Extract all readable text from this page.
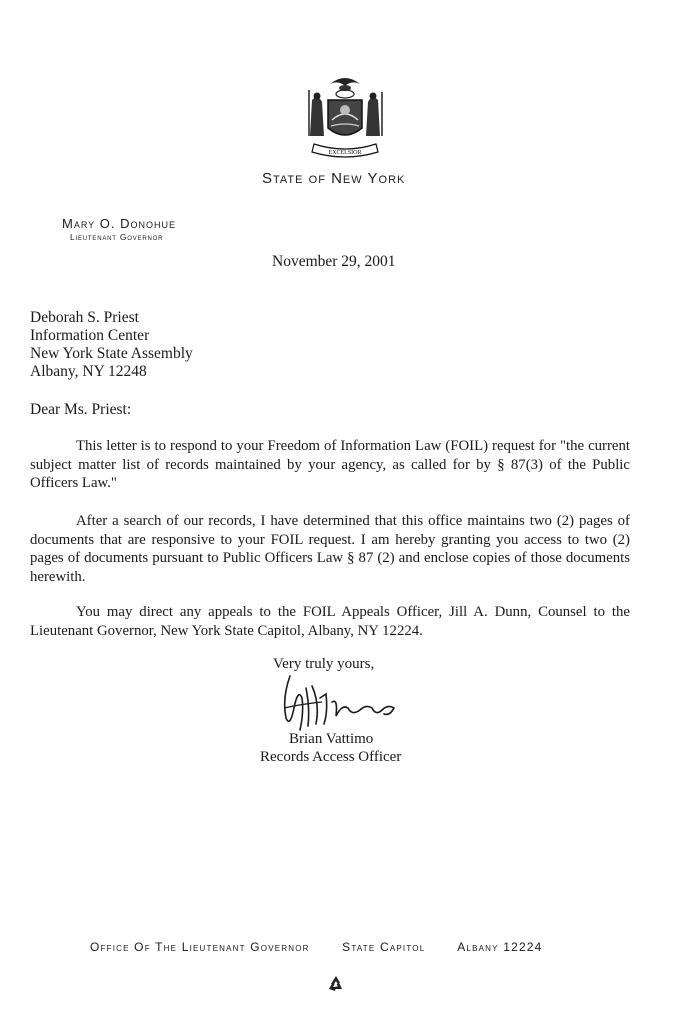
EXCELSIOR
State of New York
Mary O. Donohue
Lieutenant Governor
November 29, 2001
Deborah S. Priest
Information Center
New York State Assembly
Albany, NY 12248
Dear Ms. Priest:

This letter is to respond to your Freedom of Information Law (FOIL) request for "the current subject matter list of records maintained by your agency, as called for by § 87(3) of the Public Officers Law."

After a search of our records, I have determined that this office maintains two (2) pages of documents that are responsive to your FOIL request. I am hereby granting you access to two (2) pages of documents pursuant to Public Officers Law § 87 (2) and enclose copies of those documents herewith.

You may direct any appeals to the FOIL Appeals Officer, Jill A. Dunn, Counsel to the Lieutenant Governor, New York State Capitol, Albany, NY 12224.

Very truly yours,
Brian Vattimo
Records Access Officer
Office Of The Lieutenant Governor	State Capitol	Albany 12224
